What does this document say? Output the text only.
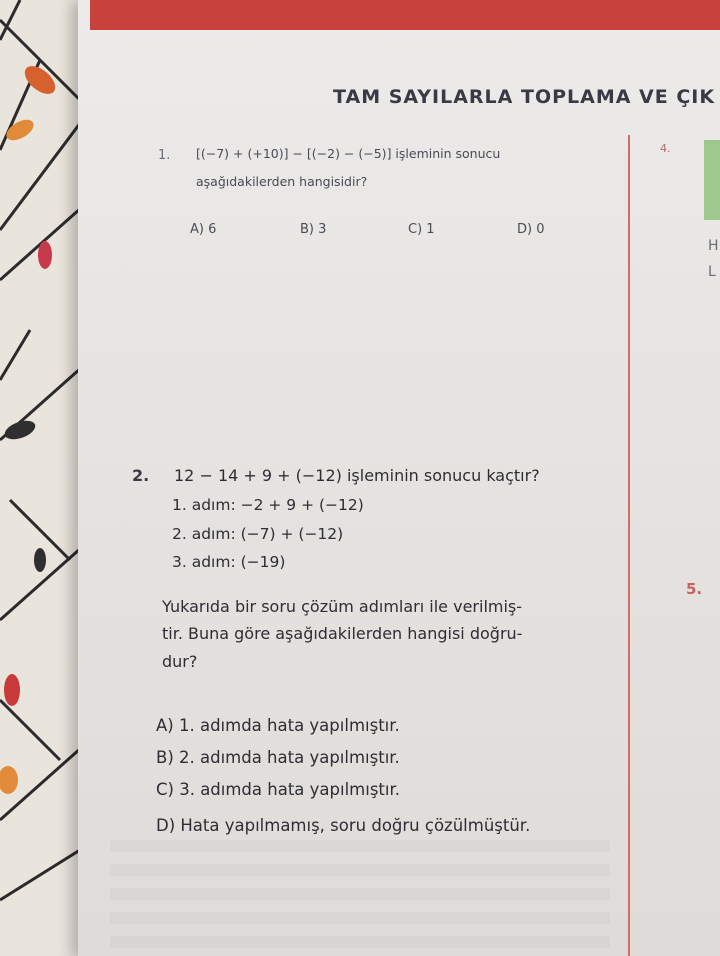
TAM SAYILARLA TOPLAMA VE ÇIK
1. [(−7) + (+10)] − [(−2) − (−5)] işleminin sonucu
aşağıdakilerden hangisidir?
A) 6	B) 3	C) 1	D) 0
2. 12 − 14 + 9 + (−12) işleminin sonucu kaçtır?
1. adım: −2 + 9 + (−12)
2. adım: (−7) + (−12)
3. adım: (−19)
Yukarıda bir soru çözüm adımları ile verilmiş-
tir. Buna göre aşağıdakilerden hangisi doğru-
dur?
A) 1. adımda hata yapılmıştır.
B) 2. adımda hata yapılmıştır.
C) 3. adımda hata yapılmıştır.
D) Hata yapılmamış, soru doğru çözülmüştür.
4.
5.
H
L
